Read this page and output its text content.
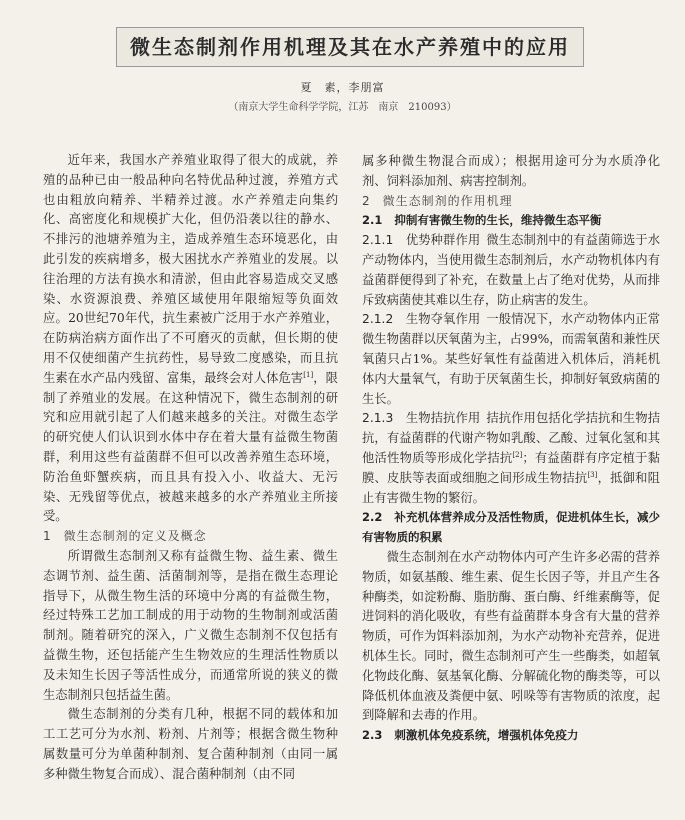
微生态制剂作用机理及其在水产养殖中的应用

夏　素，李朋富

（南京大学生命科学学院，江苏　南京　210093）

近年来，我国水产养殖业取得了很大的成就，养殖的品种已由一般品种向名特优品种过渡，养殖方式也由粗放向精养、半精养过渡。水产养殖走向集约化、高密度化和规模扩大化，但仍沿袭以往的静水、不排污的池塘养殖为主，造成养殖生态环境恶化，由此引发的疾病增多，极大困扰水产养殖业的发展。以往治理的方法有换水和清淤，但由此容易造成交叉感染、水资源浪费、养殖区域使用年限缩短等负面效应。20世纪70年代，抗生素被广泛用于水产养殖业，在防病治病方面作出了不可磨灭的贡献，但长期的使用不仅使细菌产生抗药性，易导致二度感染，而且抗生素在水产品内残留、富集，最终会对人体危害[1]，限制了养殖业的发展。在这种情况下，微生态制剂的研究和应用就引起了人们越来越多的关注。对微生态学的研究使人们认识到水体中存在着大量有益微生物菌群，利用这些有益菌群不但可以改善养殖生态环境，防治鱼虾蟹疾病，而且具有投入小、收益大、无污染、无残留等优点，被越来越多的水产养殖业主所接受。

1 微生态制剂的定义及概念

所谓微生态制剂又称有益微生物、益生素、微生态调节剂、益生菌、活菌制剂等，是指在微生态理论指导下，从微生物生活的环境中分离的有益微生物，经过特殊工艺加工制成的用于动物的生物制剂或活菌制剂。随着研究的深入，广义微生态制剂不仅包括有益微生物，还包括能产生生物效应的生理活性物质以及未知生长因子等活性成分，而通常所说的狭义的微生态制剂只包括益生菌。

微生态制剂的分类有几种，根据不同的载体和加工工艺可分为水剂、粉剂、片剂等；根据含微生物种属数量可分为单菌种制剂、复合菌种制剂（由同一属多种微生物复合而成）、混合菌种制剂（由不同

属多种微生物混合而成）；根据用途可分为水质净化剂、饲料添加剂、病害控制剂。

2 微生态制剂的作用机理
2.1 抑制有害微生物的生长，维持微生态平衡

2.1.1　优势种群作用 微生态制剂中的有益菌筛选于水产动物体内，当使用微生态制剂后，水产动物机体内有益菌群便得到了补充，在数量上占了绝对优势，从而排斥致病菌使其难以生存，防止病害的发生。

2.1.2　生物夺氧作用 一般情况下，水产动物体内正常微生物菌群以厌氧菌为主，占99%，而需氧菌和兼性厌氧菌只占1%。某些好氧性有益菌进入机体后，消耗机体内大量氧气，有助于厌氧菌生长，抑制好氧致病菌的生长。

2.1.3　生物拮抗作用 拮抗作用包括化学拮抗和生物拮抗，有益菌群的代谢产物如乳酸、乙酸、过氧化氢和其他活性物质等形成化学拮抗[2]；有益菌群有序定植于黏膜、皮肤等表面或细胞之间形成生物拮抗[3]，抵御和阻止有害微生物的繁衍。

2.2 补充机体营养成分及活性物质，促进机体生长，减少有害物质的积累

微生态制剂在水产动物体内可产生许多必需的营养物质，如氨基酸、维生素、促生长因子等，并且产生各种酶类，如淀粉酶、脂肪酶、蛋白酶、纤维素酶等，促进饲料的消化吸收，有些有益菌群本身含有大量的营养物质，可作为饵料添加剂，为水产动物补充营养，促进机体生长。同时，微生态制剂可产生一些酶类，如超氧化物歧化酶、氨基氧化酶、分解硫化物的酶类等，可以降低机体血液及粪便中氨、吲哚等有害物质的浓度，起到降解和去毒的作用。

2.3 刺激机体免疫系统，增强机体免疫力
